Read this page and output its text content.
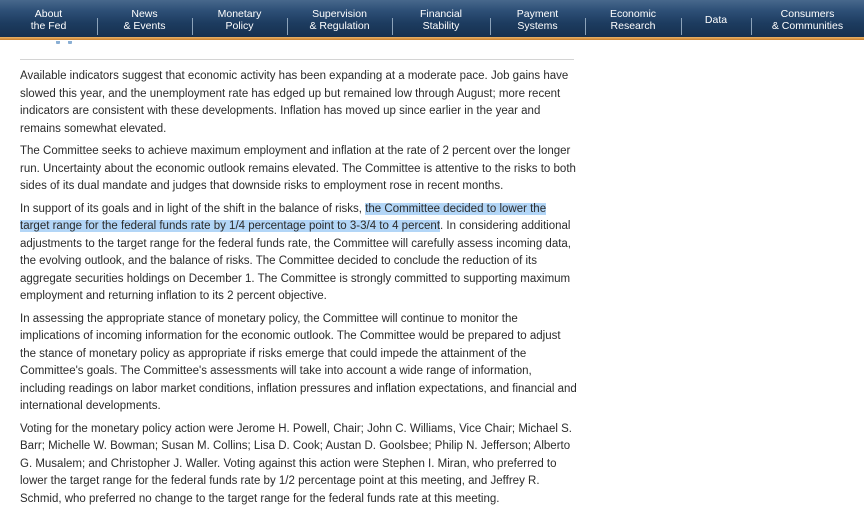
About
the Fed
News
& Events
Monetary
Policy
Supervision
& Regulation
Financial
Stability
Payment
Systems
Economic
Research	Data	Consumers
& Communities

Available indicators suggest that economic activity has been expanding at a moderate pace. Job gains have slowed this year, and the unemployment rate has edged up but remained low through August; more recent indicators are consistent with these developments. Inflation has moved up since earlier in the year and remains somewhat elevated.

The Committee seeks to achieve maximum employment and inflation at the rate of 2 percent over the longer run. Uncertainty about the economic outlook remains elevated. The Committee is attentive to the risks to both sides of its dual mandate and judges that downside risks to employment rose in recent months.

In support of its goals and in light of the shift in the balance of risks, the Committee decided to lower the target range for the federal funds rate by 1/4 percentage point to 3-3/4 to 4 percent. In considering additional adjustments to the target range for the federal funds rate, the Committee will carefully assess incoming data, the evolving outlook, and the balance of risks. The Committee decided to conclude the reduction of its aggregate securities holdings on December 1. The Committee is strongly committed to supporting maximum employment and returning inflation to its 2 percent objective.

In assessing the appropriate stance of monetary policy, the Committee will continue to monitor the implications of incoming information for the economic outlook. The Committee would be prepared to adjust the stance of monetary policy as appropriate if risks emerge that could impede the attainment of the Committee's goals. The Committee's assessments will take into account a wide range of information, including readings on labor market conditions, inflation pressures and inflation expectations, and financial and international developments.

Voting for the monetary policy action were Jerome H. Powell, Chair; John C. Williams, Vice Chair; Michael S. Barr; Michelle W. Bowman; Susan M. Collins; Lisa D. Cook; Austan D. Goolsbee; Philip N. Jefferson; Alberto G. Musalem; and Christopher J. Waller. Voting against this action were Stephen I. Miran, who preferred to lower the target range for the federal funds rate by 1/2 percentage point at this meeting, and Jeffrey R. Schmid, who preferred no change to the target range for the federal funds rate at this meeting.
